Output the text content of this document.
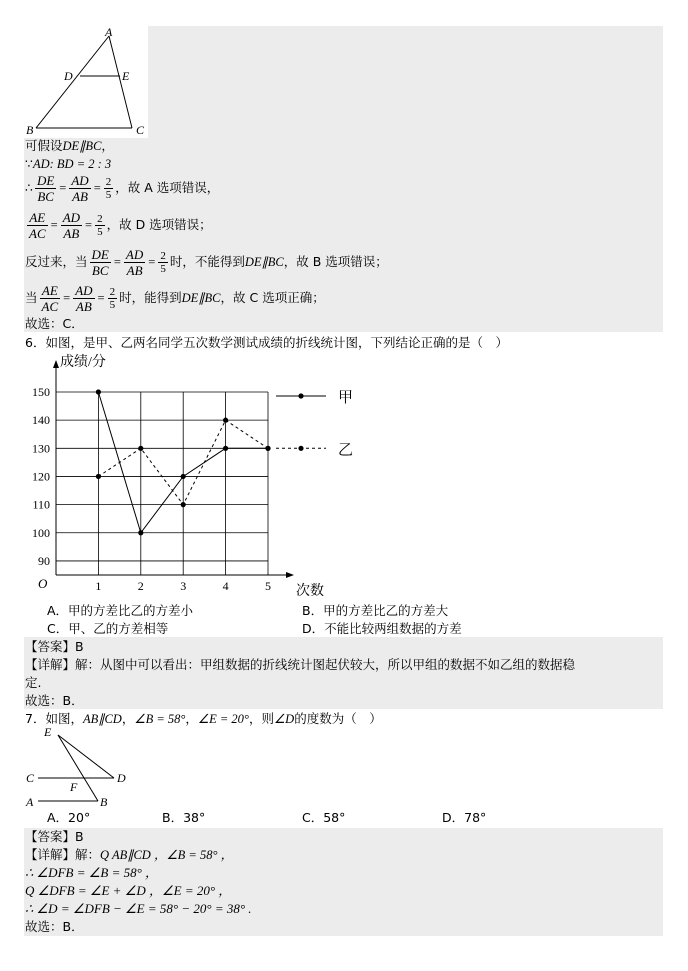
A
D	E
B	C
可假设DE∥BC，
∵AD: BD = 2 : 3
∴ $\frac{DE}{BC} = \frac{AD}{AB} = \frac{2}{5}$ ，故 A 选项错误，
$\frac{AE}{AC} = \frac{AD}{AB} = \frac{2}{5}$ ，故 D 选项错误；
反过来，当 $\frac{DE}{BC} = \frac{AD}{AB} = \frac{2}{5}$ 时，不能得到 DE∥BC ，故 B 选项错误；
当 $\frac{AE}{AC} = \frac{AD}{AB} = \frac{2}{5}$ 时，能得到 DE∥BC ，故 C 选项正确；
故选：C．
6．如图，是甲、乙两名同学五次数学测试成绩的折线统计图，下列结论正确的是（　）
90
100
110
120
130
140
150
1	2	3	4	5
成绩/分
次数
O
甲
乙
A．甲的方差比乙的方差小	B．甲的方差比乙的方差大
C．甲、乙的方差相等	D．不能比较两组数据的方差
【答案】B
【详解】解：从图中可以看出：甲组数据的折线统计图起伏较大，所以甲组的数据不如乙组的数据稳
定.
故选：B．
7．如图，AB∥CD，∠B = 58°，∠E = 20°，则∠D的度数为（　）
E
C	D
F
A	B
A．20°	B．38°	C．58°	D．78°
【答案】B
【详解】解：Q AB∥CD ，∠B = 58° ，
∴ ∠DFB = ∠B = 58° ，
Q ∠DFB = ∠E + ∠D ，∠E = 20° ，
∴ ∠D = ∠DFB − ∠E = 58° − 20° = 38° .
故选：B．
